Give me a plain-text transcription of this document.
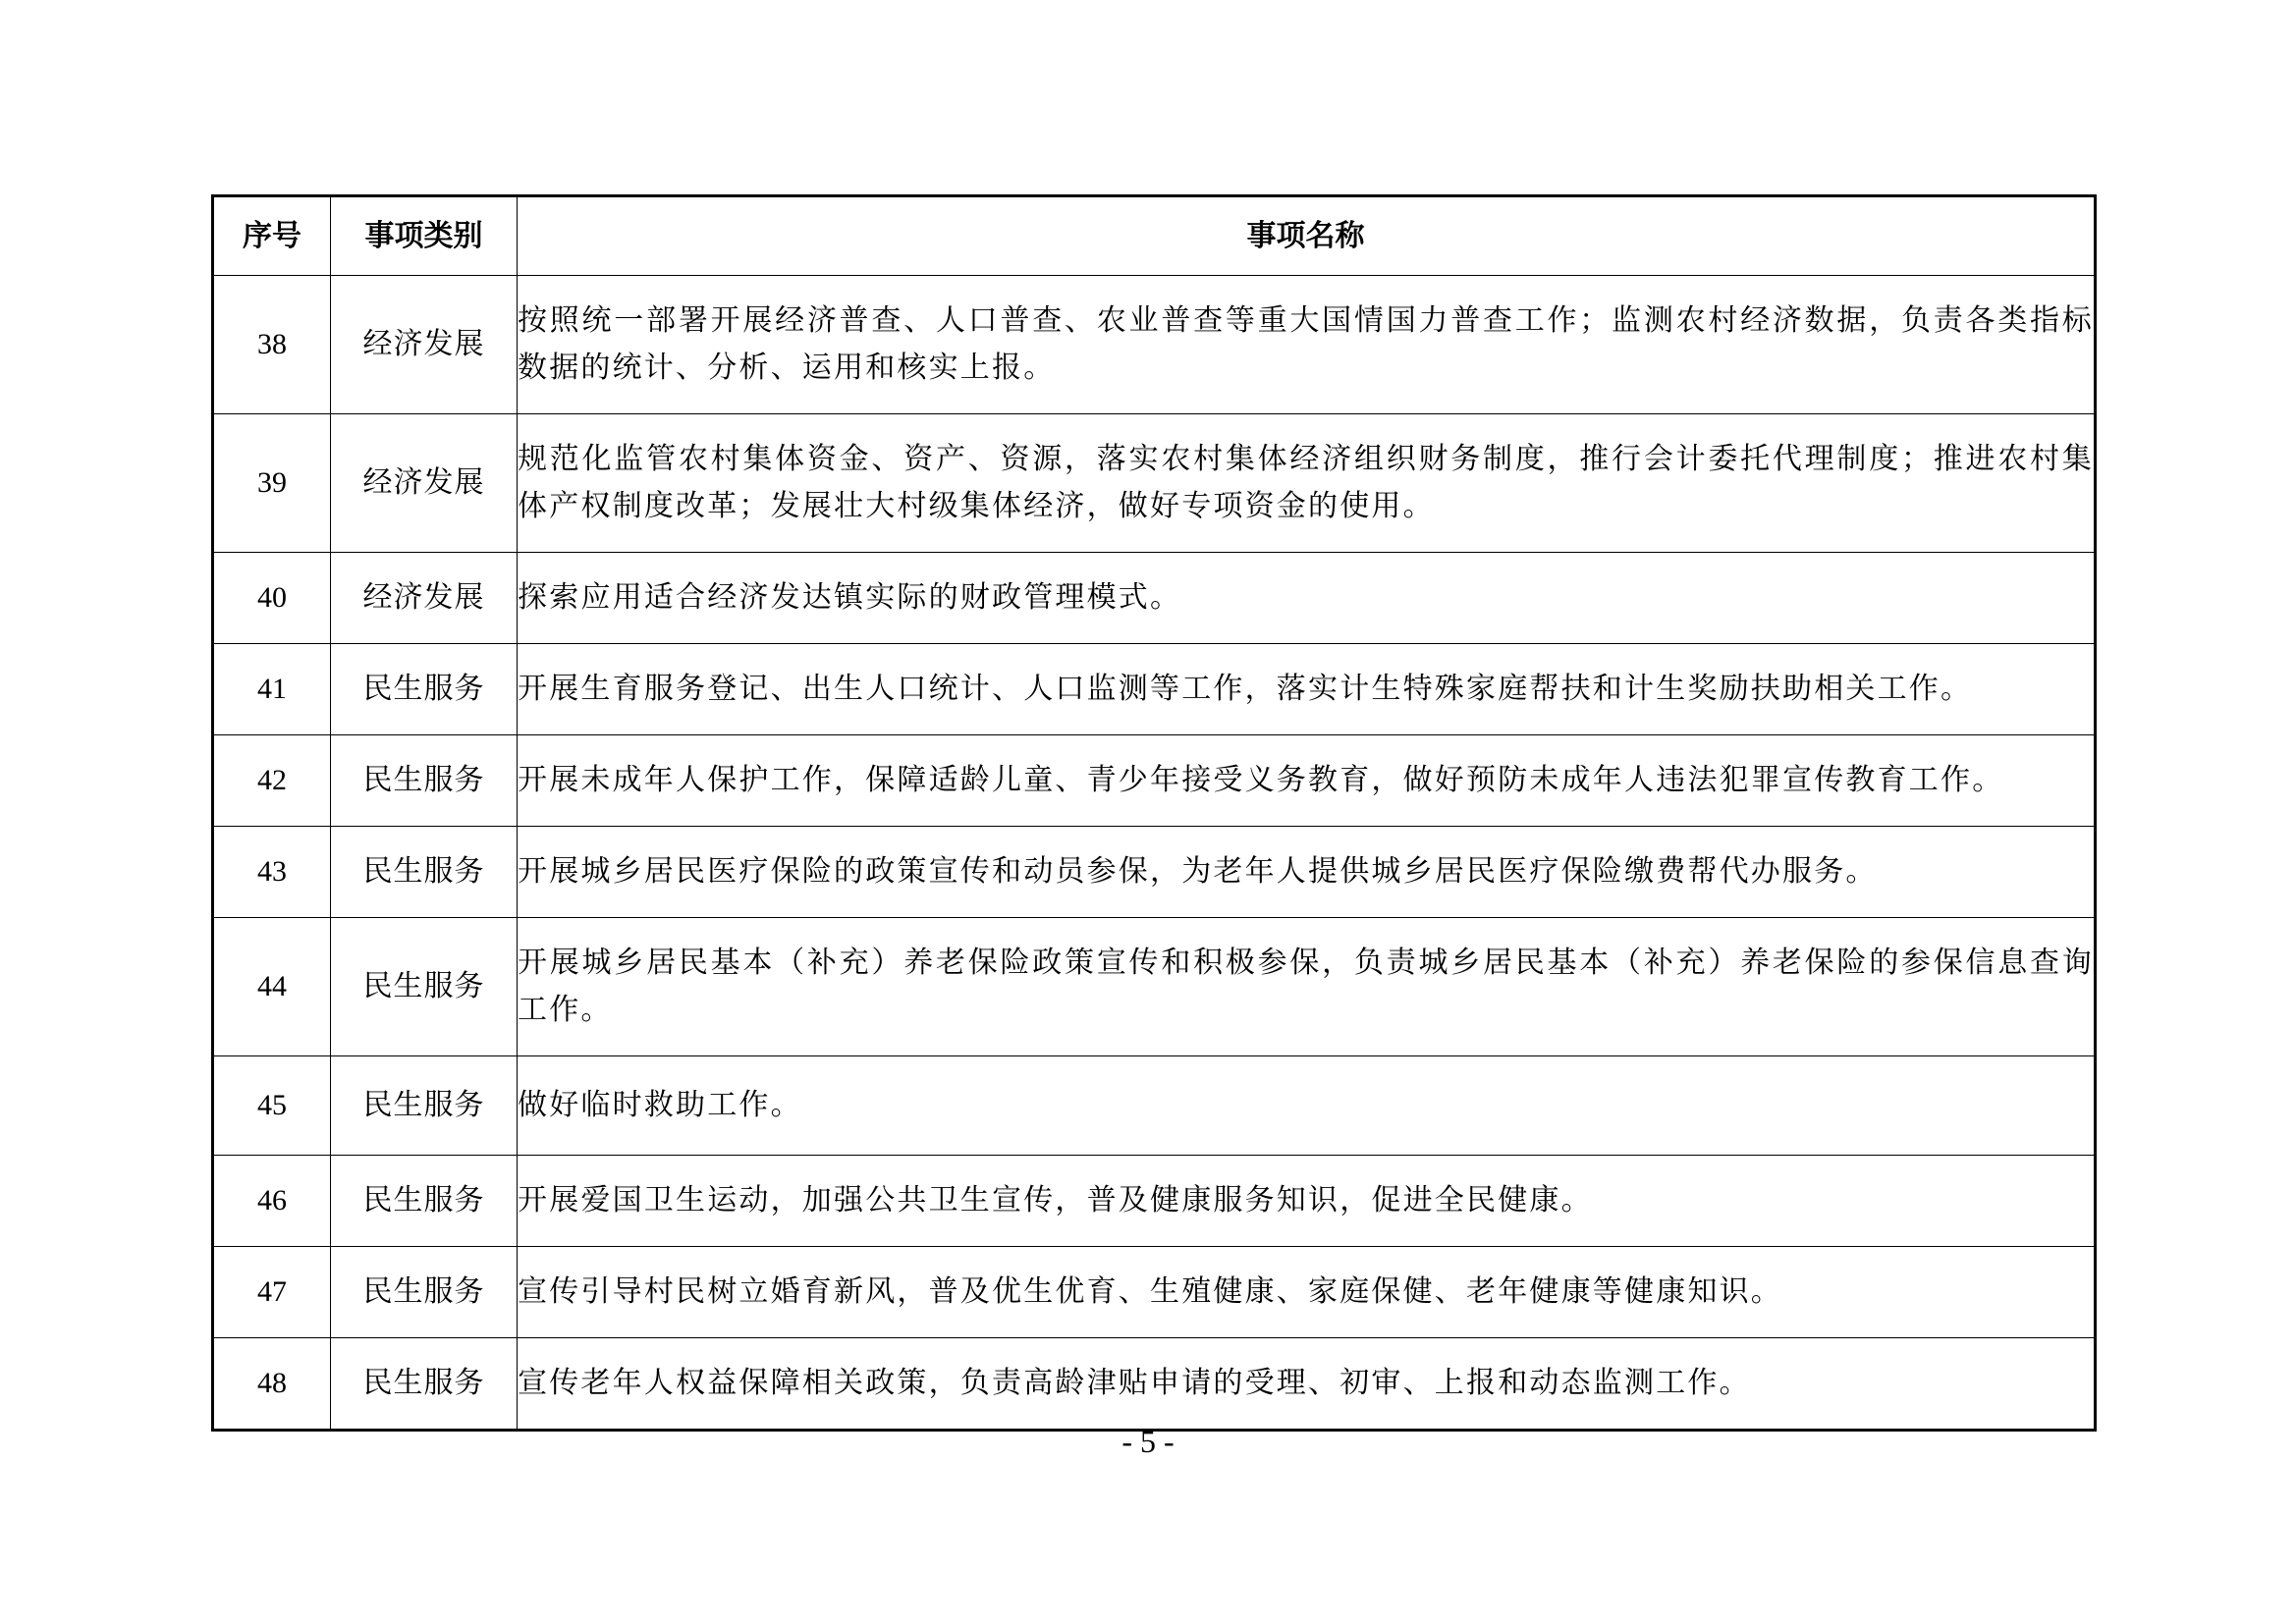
序号	事项类别	事项名称
38	经济发展	按照统一部署开展经济普查、人口普查、农业普查等重大国情国力普查工作；监测农村经济数据，负责各类指标数据的统计、分析、运用和核实上报。
39	经济发展	规范化监管农村集体资金、资产、资源，落实农村集体经济组织财务制度，推行会计委托代理制度；推进农村集体产权制度改革；发展壮大村级集体经济，做好专项资金的使用。
40	经济发展	探索应用适合经济发达镇实际的财政管理模式。
41	民生服务	开展生育服务登记、出生人口统计、人口监测等工作，落实计生特殊家庭帮扶和计生奖励扶助相关工作。
42	民生服务	开展未成年人保护工作，保障适龄儿童、青少年接受义务教育，做好预防未成年人违法犯罪宣传教育工作。
43	民生服务	开展城乡居民医疗保险的政策宣传和动员参保，为老年人提供城乡居民医疗保险缴费帮代办服务。
44	民生服务	开展城乡居民基本（补充）养老保险政策宣传和积极参保，负责城乡居民基本（补充）养老保险的参保信息查询工作。
45	民生服务	做好临时救助工作。
46	民生服务	开展爱国卫生运动，加强公共卫生宣传，普及健康服务知识，促进全民健康。
47	民生服务	宣传引导村民树立婚育新风，普及优生优育、生殖健康、家庭保健、老年健康等健康知识。
48	民生服务	宣传老年人权益保障相关政策，负责高龄津贴申请的受理、初审、上报和动态监测工作。
- 5 -
